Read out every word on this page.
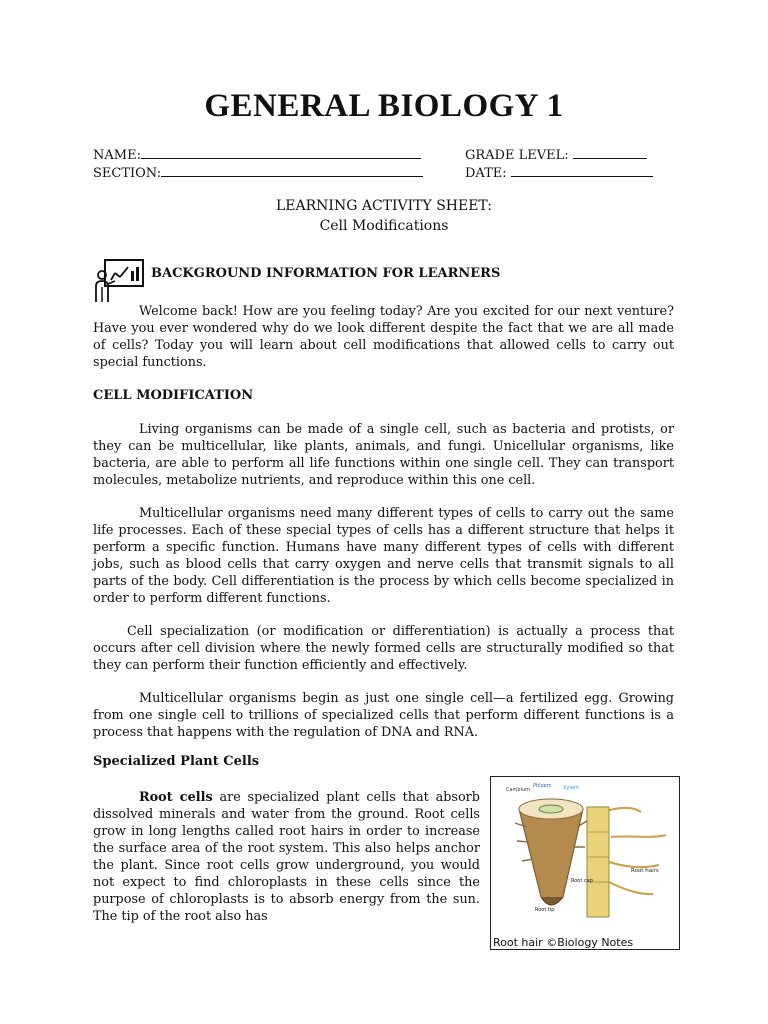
GENERAL BIOLOGY 1
NAME:
SECTION:
GRADE LEVEL:
DATE:
LEARNING ACTIVITY SHEET:
Cell Modifications
BACKGROUND INFORMATION FOR LEARNERS

Welcome back! How are you feeling today? Are you excited for our next venture? Have you ever wondered why do we look different despite the fact that we are all made of cells? Today you will learn about cell modifications that allowed cells to carry out special functions.

CELL MODIFICATION

Living organisms can be made of a single cell, such as bacteria and protists, or they can be multicellular, like plants, animals, and fungi. Unicellular organisms, like bacteria, are able to perform all life functions within one single cell. They can transport molecules, metabolize nutrients, and reproduce within this one cell.

Multicellular organisms need many different types of cells to carry out the same life processes. Each of these special types of cells has a different structure that helps it perform a specific function. Humans have many different types of cells with different jobs, such as blood cells that carry oxygen and nerve cells that transmit signals to all parts of the body. Cell differentiation is the process by which cells become specialized in order to perform different functions.

Cell specialization (or modification or differentiation) is actually a process that occurs after cell division where the newly formed cells are structurally modified so that they can perform their function efficiently and effectively.

Multicellular organisms begin as just one single cell—a fertilized egg. Growing from one single cell to trillions of specialized cells that perform different functions is a process that happens with the regulation of DNA and RNA.

Specialized Plant Cells

Root cells are specialized plant cells that absorb dissolved minerals and water from the ground. Root cells grow in long lengths called root hairs in order to increase the surface area of the root system. This also helps anchor the plant. Since root cells grow underground, you would not expect to find chloroplasts in these cells since the purpose of chloroplasts is to absorb energy from the sun. The tip of the root also has

Cambium
Phloem Xylem
Root hairs
Root cap
Root tip
Root hair ©Biology Notes
